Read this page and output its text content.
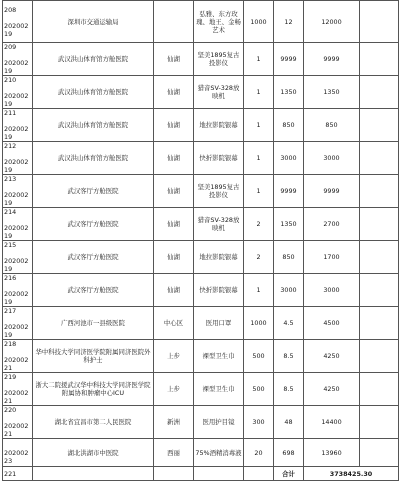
208

20200219	深圳市交通运输局		弘雅、东方玫瑰、地王、金畅艺术	1000	12	12000	

209

20200219	武汉洪山体育馆方舱医院	仙湖	坚美1895复古投影仪	1	9999	9999	

210

20200219	武汉洪山体育馆方舱医院	仙湖	猎音SV-328放映机	1	1350	1350	

211

20200219	武汉洪山体育馆方舱医院	仙湖	地拉影院银幕	1	850	850	

212

20200219	武汉洪山体育馆方舱医院	仙湖	快折影院银幕	1	3000	3000	

213

20200219	武汉客厅方舱医院	仙湖	坚美1895复古投影仪	1	9999	9999	

214

20200219	武汉客厅方舱医院	仙湖	猎音SV-328放映机	2	1350	2700	

215

20200219	武汉客厅方舱医院	仙湖	地拉影院银幕	2	850	1700	

216

20200219	武汉客厅方舱医院	仙湖	快折影院银幕	1	3000	3000	

217

20200219	广西河池市一县级医院	中心区	医用口罩	1000	4.5	4500	

218

20200221	华中科技大学同济医学院附属同济医院外科护士	上步	裸型卫生巾	500	8.5	4250	

219

20200221	浙大二院援武汉华中科技大学同济医学院附属协和肿瘤中心ICU	上步	裸型卫生巾	500	8.5	4250	

220

20200221	湖北省宜昌市第二人民医院	新洲	医用护目镜	300	48	14400	

20200223	湖北洪湖市中医院	西丽	75%酒精消毒液	20	698	13960	
221					合计	3738425.30	
